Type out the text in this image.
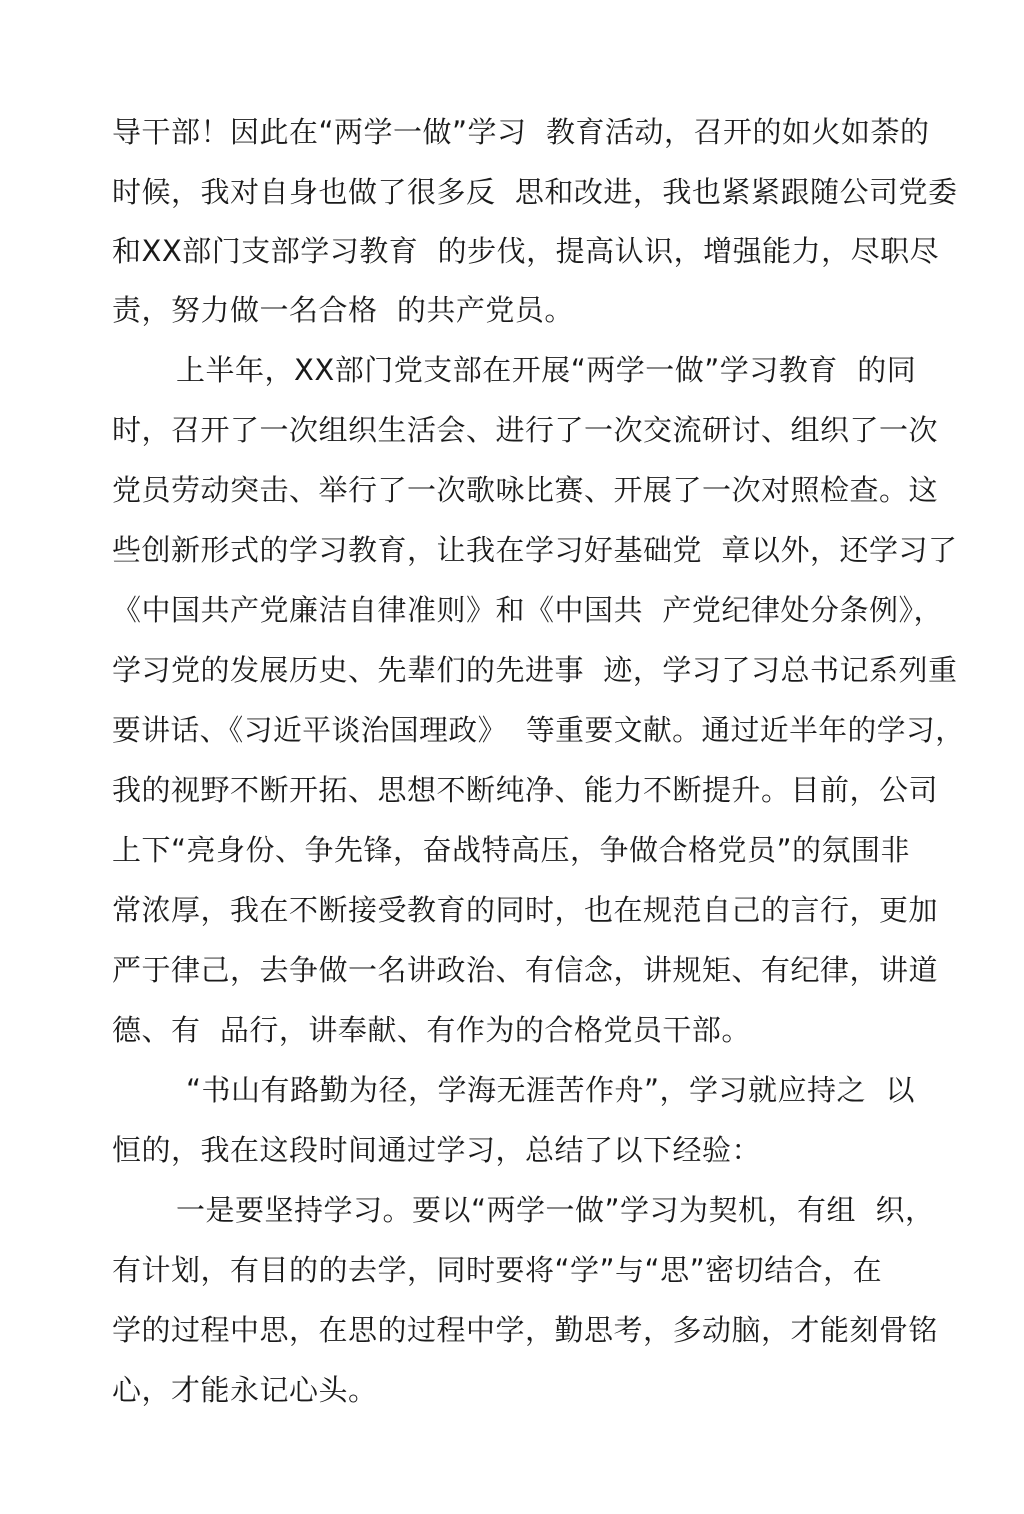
导干部！因此在“两学一做”学习  教育活动，召开的如火如荼的
时候，我对自身也做了很多反  思和改进，我也紧紧跟随公司党委
和XX部门支部学习教育  的步伐，提高认识，增强能力，尽职尽
责，努力做一名合格  的共产党员。
上半年，XX部门党支部在开展“两学一做”学习教育  的同
时，召开了一次组织生活会、进行了一次交流研讨、组织了一次
党员劳动突击、举行了一次歌咏比赛、开展了一次对照检查。这
些创新形式的学习教育，让我在学习好基础党  章以外，还学习了
《中国共产党廉洁自律准则》和《中国共  产党纪律处分条例》，
学习党的发展历史、先辈们的先进事  迹，学习了习总书记系列重
要讲话、《习近平谈治国理政》  等重要文献。通过近半年的学习，
我的视野不断开拓、思想不断纯净、能力不断提升。目前，公司
上下“亮身份、争先锋，奋战特高压，争做合格党员”的氛围非
常浓厚，我在不断接受教育的同时，也在规范自己的言行，更加
严于律己，去争做一名讲政治、有信念，讲规矩、有纪律，讲道
德、有  品行，讲奉献、有作为的合格党员干部。
“书山有路勤为径，学海无涯苦作舟”，学习就应持之  以
恒的，我在这段时间通过学习，总结了以下经验：
一是要坚持学习。要以“两学一做”学习为契机，有组  织，
有计划，有目的的去学，同时要将“学”与“思”密切结合，在
学的过程中思，在思的过程中学，勤思考，多动脑，才能刻骨铭
心，才能永记心头。
